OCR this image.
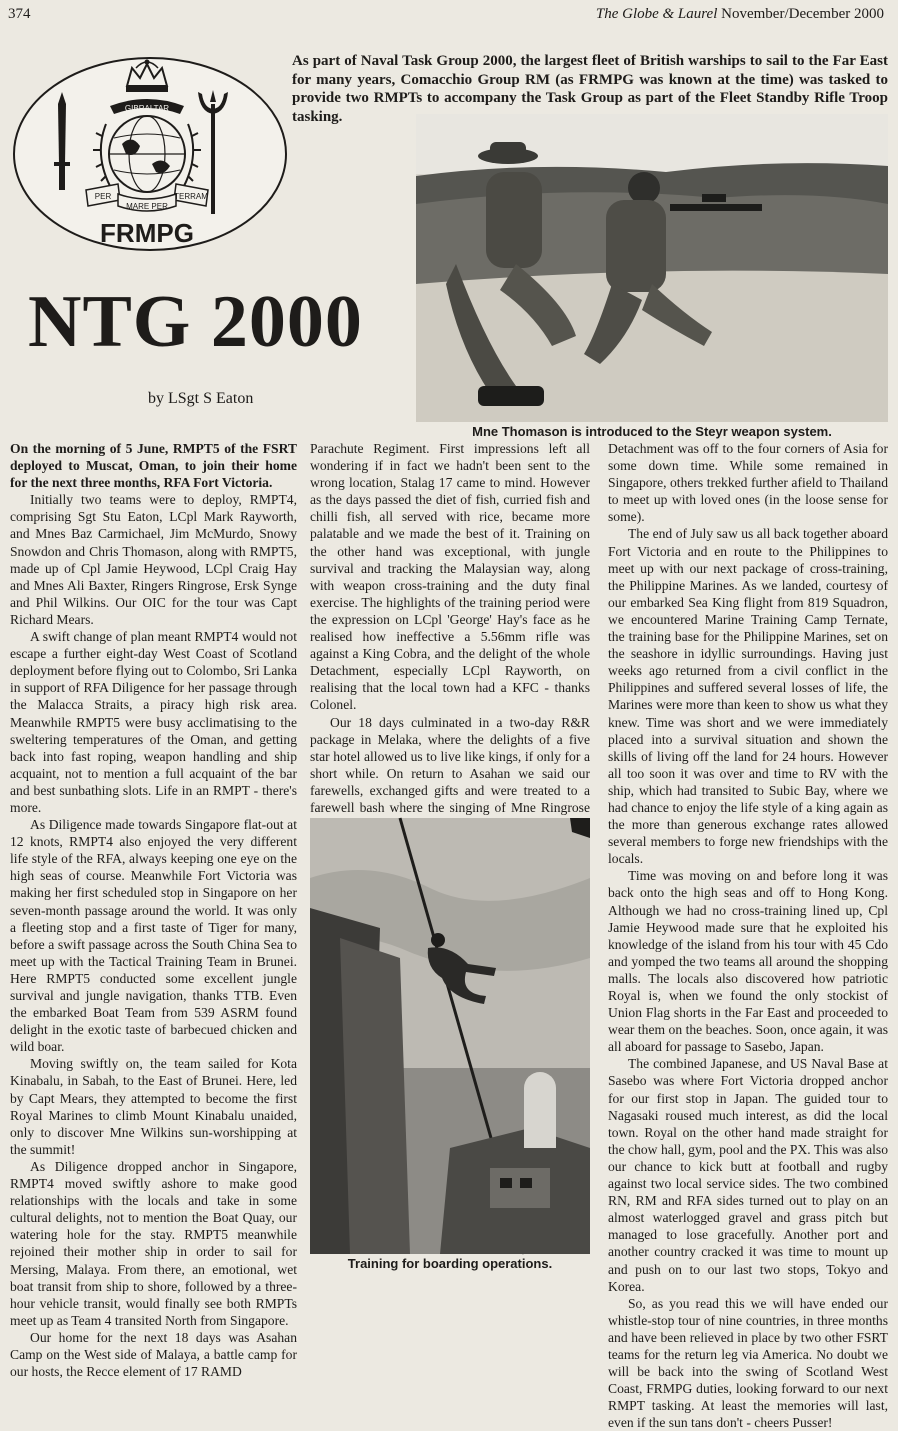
374	The Globe & Laurel November/December 2000
GIBRALTAR
PER	TERRAM
MARE PER
FRMPG
As part of Naval Task Group 2000, the largest fleet of British warships to sail to the Far East for many years, Comacchio Group RM (as FRMPG was known at the time) was tasked to provide two RMPTs to accompany the Task Group as part of the Fleet Standby Rifle Troop tasking.
Mne Thomason is introduced to the Steyr weapon system.
NTG 2000
by LSgt S Eaton

On the morning of 5 June, RMPT5 of the FSRT deployed to Muscat, Oman, to join their home for the next three months, RFA Fort Victoria.

Initially two teams were to deploy, RMPT4, comprising Sgt Stu Eaton, LCpl Mark Rayworth, and Mnes Baz Carmichael, Jim McMurdo, Snowy Snowdon and Chris Thomason, along with RMPT5, made up of Cpl Jamie Heywood, LCpl Craig Hay and Mnes Ali Baxter, Ringers Ringrose, Ersk Synge and Phil Wilkins. Our OIC for the tour was Capt Richard Mears.

A swift change of plan meant RMPT4 would not escape a further eight-day West Coast of Scotland deployment before flying out to Colombo, Sri Lanka in support of RFA Diligence for her passage through the Malacca Straits, a piracy high risk area. Meanwhile RMPT5 were busy acclimatising to the sweltering temperatures of the Oman, and getting back into fast roping, weapon handling and ship acquaint, not to mention a full acquaint of the bar and best sunbathing slots. Life in an RMPT - there's more.

As Diligence made towards Singapore flat-out at 12 knots, RMPT4 also enjoyed the very different life style of the RFA, always keeping one eye on the high seas of course. Meanwhile Fort Victoria was making her first scheduled stop in Singapore on her seven-month passage around the world. It was only a fleeting stop and a first taste of Tiger for many, before a swift passage across the South China Sea to meet up with the Tactical Training Team in Brunei. Here RMPT5 conducted some excellent jungle survival and jungle navigation, thanks TTB. Even the embarked Boat Team from 539 ASRM found delight in the exotic taste of barbecued chicken and wild boar.

Moving swiftly on, the team sailed for Kota Kinabalu, in Sabah, to the East of Brunei. Here, led by Capt Mears, they attempted to become the first Royal Marines to climb Mount Kinabalu unaided, only to discover Mne Wilkins sun-worshipping at the summit!

As Diligence dropped anchor in Singapore, RMPT4 moved swiftly ashore to make good relationships with the locals and take in some cultural delights, not to mention the Boat Quay, our watering hole for the stay. RMPT5 meanwhile rejoined their mother ship in order to sail for Mersing, Malaya. From there, an emotional, wet boat transit from ship to shore, followed by a three-hour vehicle transit, would finally see both RMPTs meet up as Team 4 transited North from Singapore.

Our home for the next 18 days was Asahan Camp on the West side of Malaya, a battle camp for our hosts, the Recce element of 17 RAMD

Parachute Regiment. First impressions left all wondering if in fact we hadn't been sent to the wrong location, Stalag 17 came to mind. However as the days passed the diet of fish, curried fish and chilli fish, all served with rice, became more palatable and we made the best of it. Training on the other hand was exceptional, with jungle survival and tracking the Malaysian way, along with weapon cross-training and the duty final exercise. The highlights of the training period were the expression on LCpl 'George' Hay's face as he realised how ineffective a 5.56mm rifle was against a King Cobra, and the delight of the whole Detachment, especially LCpl Rayworth, on realising that the local town had a KFC - thanks Colonel.

Our 18 days culminated in a two-day R&R package in Melaka, where the delights of a five star hotel allowed us to live like kings, if only for a short while. On return to Asahan we said our farewells, exchanged gifts and were treated to a farewell bash where the singing of Mne Ringrose

Training for boarding operations.

Detachment was off to the four corners of Asia for some down time. While some remained in Singapore, others trekked further afield to Thailand to meet up with loved ones (in the loose sense for some).

The end of July saw us all back together aboard Fort Victoria and en route to the Philippines to meet up with our next package of cross-training, the Philippine Marines. As we landed, courtesy of our embarked Sea King flight from 819 Squadron, we encountered Marine Training Camp Ternate, the training base for the Philippine Marines, set on the seashore in idyllic surroundings. Having just weeks ago returned from a civil conflict in the Philippines and suffered several losses of life, the Marines were more than keen to show us what they knew. Time was short and we were immediately placed into a survival situation and shown the skills of living off the land for 24 hours. However all too soon it was over and time to RV with the ship, which had transited to Subic Bay, where we had chance to enjoy the life style of a king again as the more than generous exchange rates allowed several members to forge new friendships with the locals.

Time was moving on and before long it was back onto the high seas and off to Hong Kong. Although we had no cross-training lined up, Cpl Jamie Heywood made sure that he exploited his knowledge of the island from his tour with 45 Cdo and yomped the two teams all around the shopping malls. The locals also discovered how patriotic Royal is, when we found the only stockist of Union Flag shorts in the Far East and proceeded to wear them on the beaches. Soon, once again, it was all aboard for passage to Sasebo, Japan.

The combined Japanese, and US Naval Base at Sasebo was where Fort Victoria dropped anchor for our first stop in Japan. The guided tour to Nagasaki roused much interest, as did the local town. Royal on the other hand made straight for the chow hall, gym, pool and the PX. This was also our chance to kick butt at football and rugby against two local service sides. The two combined RN, RM and RFA sides turned out to play on an almost waterlogged gravel and grass pitch but managed to lose gracefully. Another port and another country cracked it was time to mount up and push on to our last two stops, Tokyo and Korea.

So, as you read this we will have ended our whistle-stop tour of nine countries, in three months and have been relieved in place by two other FSRT teams for the return leg via America. No doubt we will be back into the swing of Scotland West Coast, FRMPG duties, looking forward to our next RMPT tasking. At least the memories will last, even if the sun tans don't - cheers Pusser!
